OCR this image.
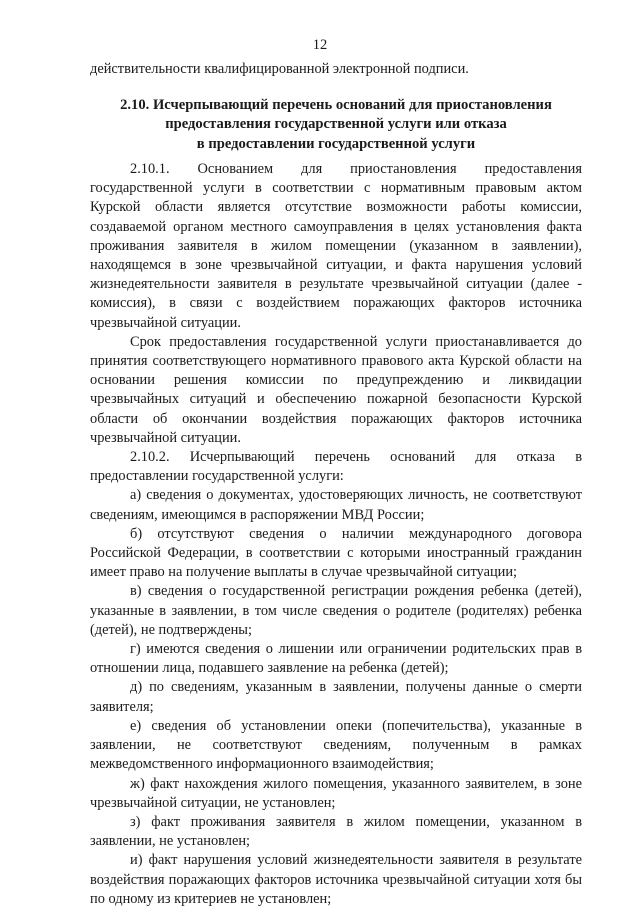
12
действительности квалифицированной электронной подписи.
2.10. Исчерпывающий перечень оснований для приостановления
предоставления государственной услуги или отказа
в предоставлении государственной услуги

2.10.1. Основанием для приостановления предоставления государственной услуги в соответствии с нормативным правовым актом Курской области является отсутствие возможности работы комиссии, создаваемой органом местного самоуправления в целях установления факта проживания заявителя в жилом помещении (указанном в заявлении), находящемся в зоне чрезвычайной ситуации, и факта нарушения условий жизнедеятельности заявителя в результате чрезвычайной ситуации (далее - комиссия), в связи с воздействием поражающих факторов источника чрезвычайной ситуации.

Срок предоставления государственной услуги приостанавливается до принятия соответствующего нормативного правового акта Курской области на основании решения комиссии по предупреждению и ликвидации чрезвычайных ситуаций и обеспечению пожарной безопасности Курской области об окончании воздействия поражающих факторов источника чрезвычайной ситуации.

2.10.2. Исчерпывающий перечень оснований для отказа в предоставлении государственной услуги:

а) сведения о документах, удостоверяющих личность, не соответствуют сведениям, имеющимся в распоряжении МВД России;

б) отсутствуют сведения о наличии международного договора Российской Федерации, в соответствии с которыми иностранный гражданин имеет право на получение выплаты в случае чрезвычайной ситуации;

в) сведения о государственной регистрации рождения ребенка (детей), указанные в заявлении, в том числе сведения о родителе (родителях) ребенка (детей), не подтверждены;

г) имеются сведения о лишении или ограничении родительских прав в отношении лица, подавшего заявление на ребенка (детей);

д) по сведениям, указанным в заявлении, получены данные о смерти заявителя;

е) сведения об установлении опеки (попечительства), указанные в заявлении, не соответствуют сведениям, полученным в рамках межведомственного информационного взаимодействия;

ж) факт нахождения жилого помещения, указанного заявителем, в зоне чрезвычайной ситуации, не установлен;

з) факт проживания заявителя в жилом помещении, указанном в заявлении, не установлен;

и) факт нарушения условий жизнедеятельности заявителя в результате воздействия поражающих факторов источника чрезвычайной ситуации хотя бы по одному из критериев не установлен;
